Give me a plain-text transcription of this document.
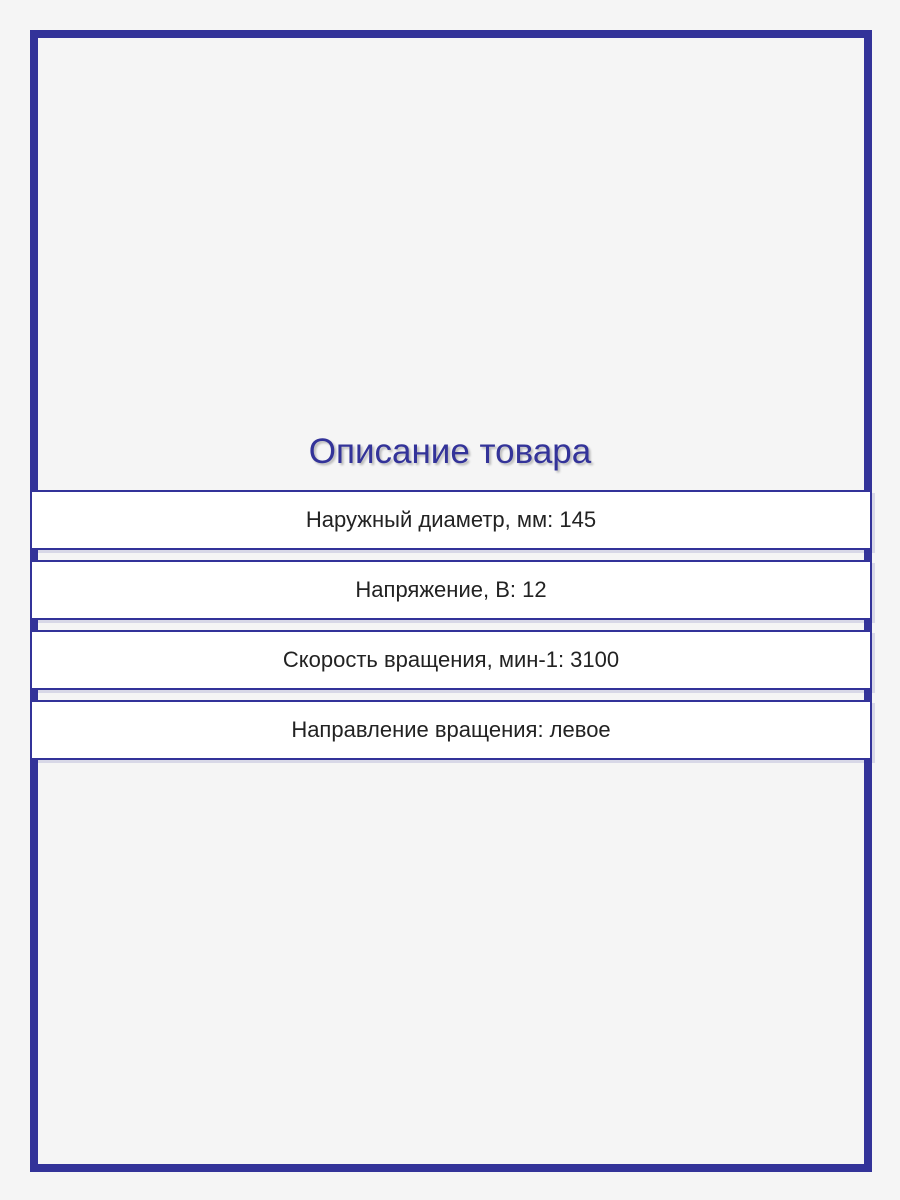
Описание товара
Наружный диаметр, мм: 145
Напряжение, В: 12
Скорость вращения, мин-1: 3100
Направление вращения: левое
